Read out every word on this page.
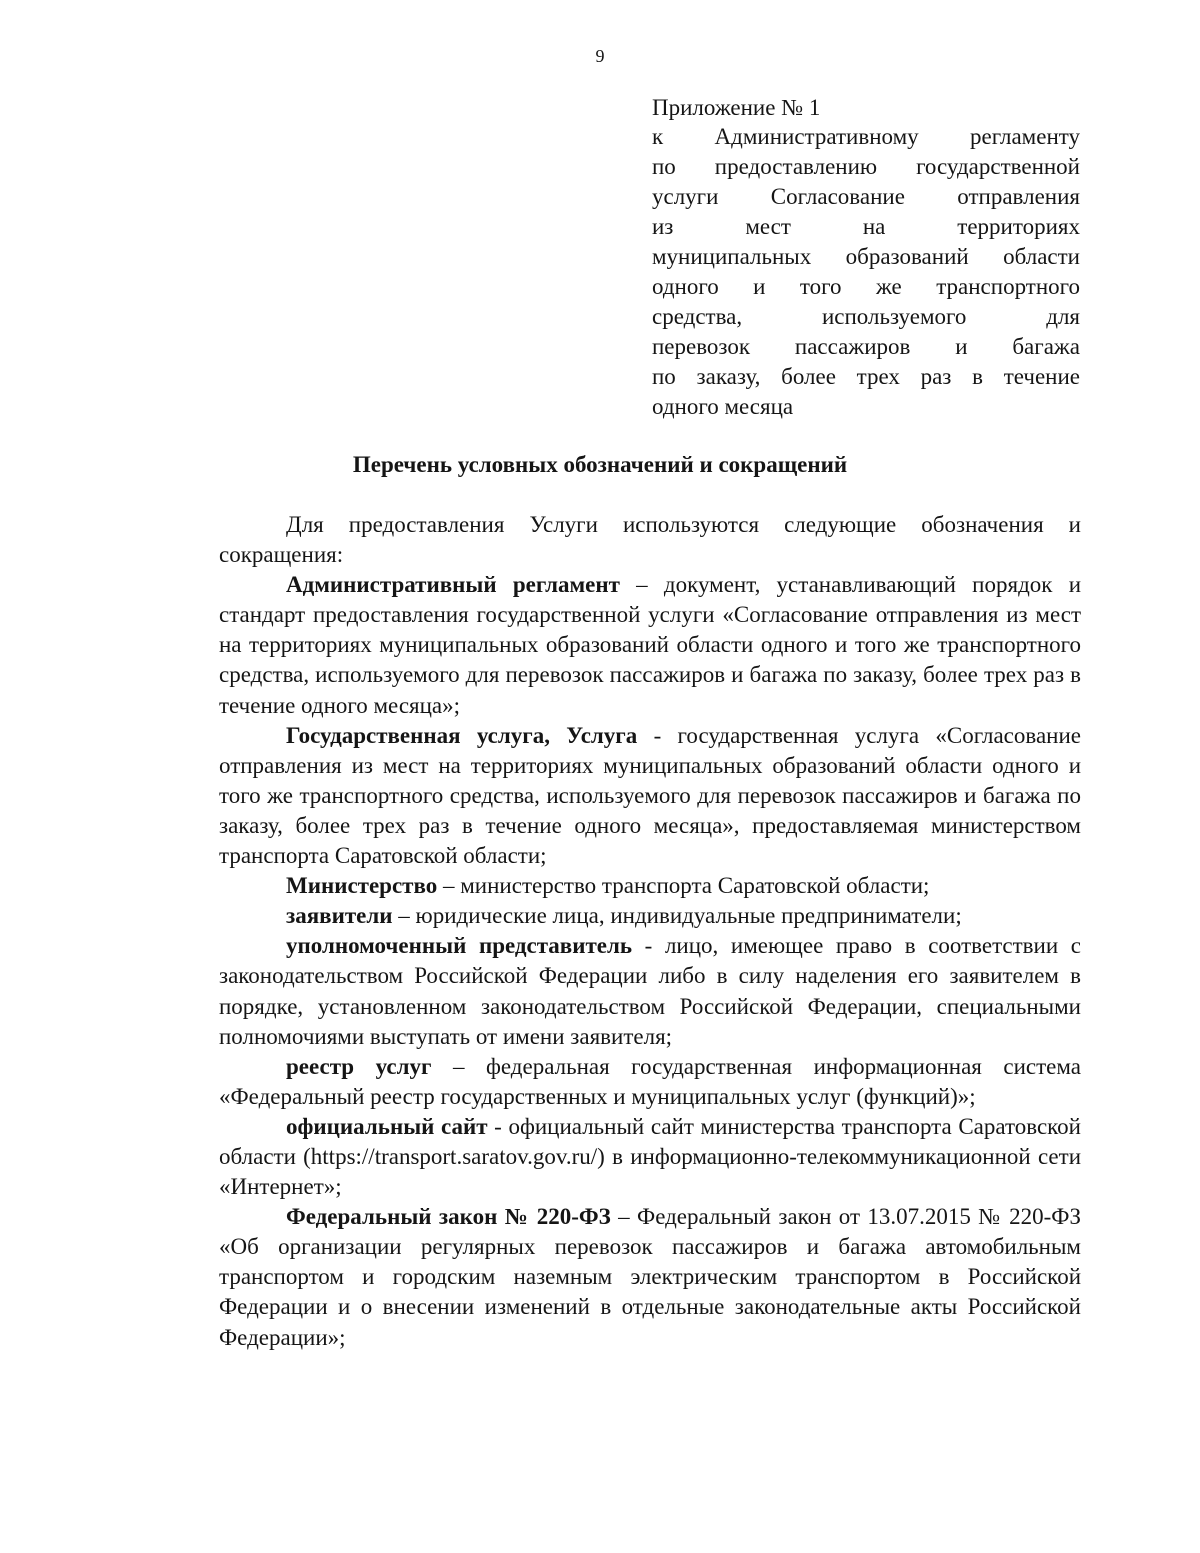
9
Приложение № 1
к Административному регламенту
по предоставлению государственной
услуги Согласование отправления
из мест на территориях
муниципальных образований области
одного и того же транспортного
средства, используемого для
перевозок пассажиров и багажа
по заказу, более трех раз в течение
одного месяца
Перечень условных обозначений и сокращений

Для предоставления Услуги используются следующие обозначения и сокращения:

Административный регламент – документ, устанавливающий порядок и стандарт предоставления государственной услуги «Согласование отправления из мест на территориях муниципальных образований области одного и того же транспортного средства, используемого для перевозок пассажиров и багажа по заказу, более трех раз в течение одного месяца»;

Государственная услуга, Услуга - государственная услуга «Согласование отправления из мест на территориях муниципальных образований области одного и того же транспортного средства, используемого для перевозок пассажиров и багажа по заказу, более трех раз в течение одного месяца», предоставляемая министерством транспорта Саратовской области;

Министерство – министерство транспорта Саратовской области;

заявители – юридические лица, индивидуальные предприниматели;

уполномоченный представитель - лицо, имеющее право в соответствии с законодательством Российской Федерации либо в силу наделения его заявителем в порядке, установленном законодательством Российской Федерации, специальными полномочиями выступать от имени заявителя;

реестр услуг – федеральная государственная информационная система «Федеральный реестр государственных и муниципальных услуг (функций)»;

официальный сайт - официальный сайт министерства транспорта Саратовской области (https://transport.saratov.gov.ru/) в информационно-телекоммуникационной сети «Интернет»;

Федеральный закон № 220-ФЗ – Федеральный закон от 13.07.2015 № 220-ФЗ «Об организации регулярных перевозок пассажиров и багажа автомобильным транспортом и городским наземным электрическим транспортом в Российской Федерации и о внесении изменений в отдельные законодательные акты Российской Федерации»;
